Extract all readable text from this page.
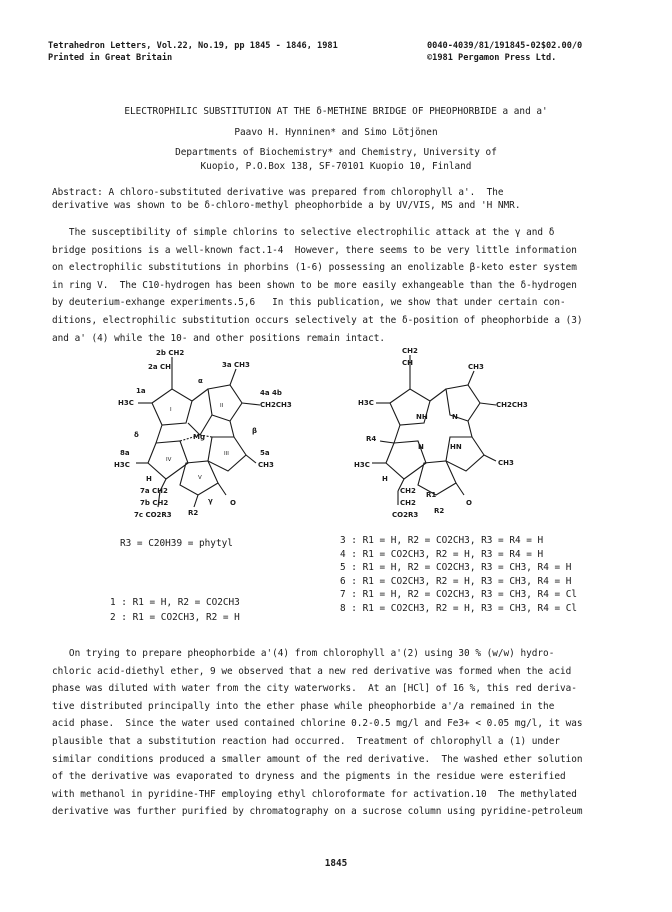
Tetrahedron Letters, Vol.22, No.19, pp 1845 - 1846, 1981
Printed in Great Britain
0040-4039/81/191845-02$02.00/0
©1981 Pergamon Press Ltd.
ELECTROPHILIC SUBSTITUTION AT THE δ-METHINE BRIDGE OF PHEOPHORBIDE a and a'
Paavo H. Hynninen* and Simo Lötjönen
Departments of Biochemistry* and Chemistry, University of
Kuopio, P.O.Box 138, SF-70101 Kuopio 10, Finland
Abstract: A chloro-substituted derivative was prepared from chlorophyll a'.  The
derivative was shown to be δ-chloro-methyl pheophorbide a by UV/VIS, MS and 'H NMR.
The susceptibility of simple chlorins to selective electrophilic attack at the γ and δ
bridge positions is a well-known fact.1-4  However, there seems to be very little information
on electrophilic substitutions in phorbins (1-6) possessing an enolizable β-keto ester system
in ring V.  The C10-hydrogen has been shown to be more easily exhangeable than the δ-hydrogen
by deuterium-exhange experiments.5,6   In this publication, we show that under certain con-
ditions, electrophilic substitution occurs selectively at the δ-position of pheophorbide a (3)
and a' (4) while the 10- and other positions remain intact.
2b CH2
2a CH	3a CH3
1a
H3C
4a 4b
CH2CH3
α
β
γ
δ	Mg
5a
CH3
8a
H3C
H
7a CH2
7b CH2
7c CO2R3 R2
O
I
II
III
IV
V
CH2
CH	CH3
H3C	CH2CH3
NH	N
R4
N	HN
CH3
H3C
H
CH2
CH2
CO2R3
R1
R2
O
R3 = C20H39 = phytyl
1 : R1 = H, R2 = CO2CH3
2 : R1 = CO2CH3, R2 = H
3 : R1 = H, R2 = CO2CH3, R3 = R4 = H
4 : R1 = CO2CH3, R2 = H, R3 = R4 = H
5 : R1 = H, R2 = CO2CH3, R3 = CH3, R4 = H
6 : R1 = CO2CH3, R2 = H, R3 = CH3, R4 = H
7 : R1 = H, R2 = CO2CH3, R3 = CH3, R4 = Cl
8 : R1 = CO2CH3, R2 = H, R3 = CH3, R4 = Cl
On trying to prepare pheophorbide a'(4) from chlorophyll a'(2) using 30 % (w/w) hydro-
chloric acid-diethyl ether, 9 we observed that a new red derivative was formed when the acid
phase was diluted with water from the city waterworks.  At an [HCl] of 16 %, this red deriva-
tive distributed principally into the ether phase while pheophorbide a'/a remained in the
acid phase.  Since the water used contained chlorine 0.2-0.5 mg/l and Fe3+ < 0.05 mg/l, it was
plausible that a substitution reaction had occurred.  Treatment of chlorophyll a (1) under
similar conditions produced a smaller amount of the red derivative.  The washed ether solution
of the derivative was evaporated to dryness and the pigments in the residue were esterified
with methanol in pyridine-THF employing ethyl chloroformate for activation.10  The methylated
derivative was further purified by chromatography on a sucrose column using pyridine-petroleum
1845
